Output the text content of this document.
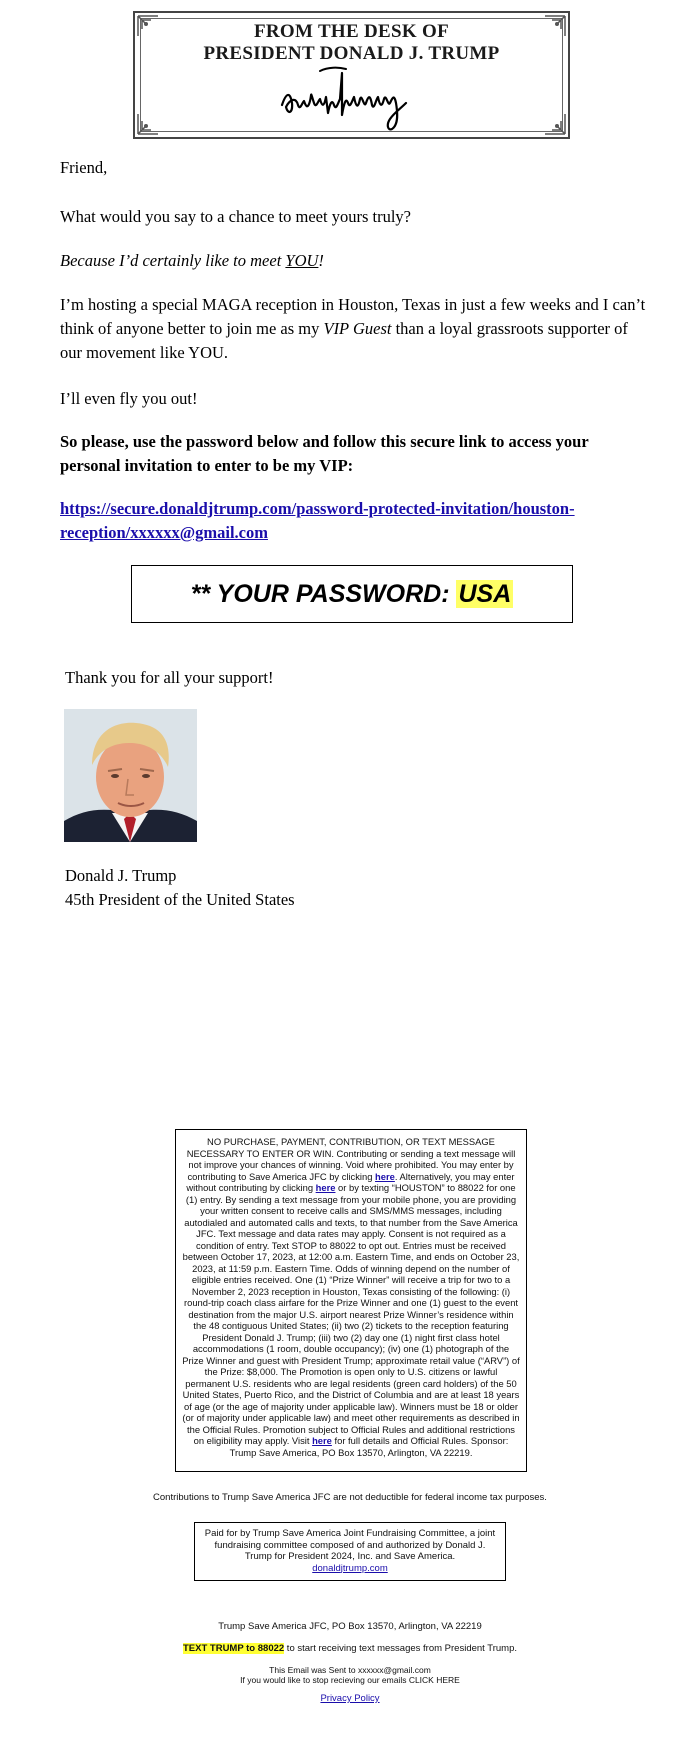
FROM THE DESK OF
PRESIDENT DONALD J. TRUMP
Friend,
What would you say to a chance to meet yours truly?
Because I’d certainly like to meet YOU!
I’m hosting a special MAGA reception in Houston, Texas in just a few weeks and I can’t think of anyone better to join me as my VIP Guest than a loyal grassroots supporter of our movement like YOU.
I’ll even fly you out!
So please, use the password below and follow this secure link to access your personal invitation to enter to be my VIP:
https://secure.donaldjtrump.com/password-protected-invitation/houston-reception/xxxxxx@gmail.com
** YOUR PASSWORD: USA
Thank you for all your support!
Donald J. Trump
45th President of the United States
NO PURCHASE, PAYMENT, CONTRIBUTION, OR TEXT MESSAGE NECESSARY TO ENTER OR WIN. Contributing or sending a text message will not improve your chances of winning. Void where prohibited. You may enter by contributing to Save America JFC by clicking here. Alternatively, you may enter without contributing by clicking here or by texting “HOUSTON” to 88022 for one (1) entry. By sending a text message from your mobile phone, you are providing your written consent to receive calls and SMS/MMS messages, including autodialed and automated calls and texts, to that number from the Save America JFC. Text message and data rates may apply. Consent is not required as a condition of entry. Text STOP to 88022 to opt out. Entries must be received between October 17, 2023, at 12:00 a.m. Eastern Time, and ends on October 23, 2023, at 11:59 p.m. Eastern Time. Odds of winning depend on the number of eligible entries received. One (1) “Prize Winner” will receive a trip for two to a November 2, 2023 reception in Houston, Texas consisting of the following: (i) round-trip coach class airfare for the Prize Winner and one (1) guest to the event destination from the major U.S. airport nearest Prize Winner’s residence within the 48 contiguous United States; (ii) two (2) tickets to the reception featuring President Donald J. Trump; (iii) two (2) day one (1) night first class hotel accommodations (1 room, double occupancy); (iv) one (1) photograph of the Prize Winner and guest with President Trump; approximate retail value (“ARV”) of the Prize: $8,000. The Promotion is open only to U.S. citizens or lawful permanent U.S. residents who are legal residents (green card holders) of the 50 United States, Puerto Rico, and the District of Columbia and are at least 18 years of age (or the age of majority under applicable law). Winners must be 18 or older (or of majority under applicable law) and meet other requirements as described in the Official Rules. Promotion subject to Official Rules and additional restrictions on eligibility may apply. Visit here for full details and Official Rules. Sponsor: Trump Save America, PO Box 13570, Arlington, VA 22219.
Contributions to Trump Save America JFC are not deductible for federal income tax purposes.
Paid for by Trump Save America Joint Fundraising Committee, a joint fundraising committee composed of and authorized by Donald J. Trump for President 2024, Inc. and Save America.
donaldjtrump.com
Trump Save America JFC, PO Box 13570, Arlington, VA 22219
TEXT TRUMP to 88022 to start receiving text messages from President Trump.
This Email was Sent to xxxxxx@gmail.com
If you would like to stop recieving our emails CLICK HERE
Privacy Policy
